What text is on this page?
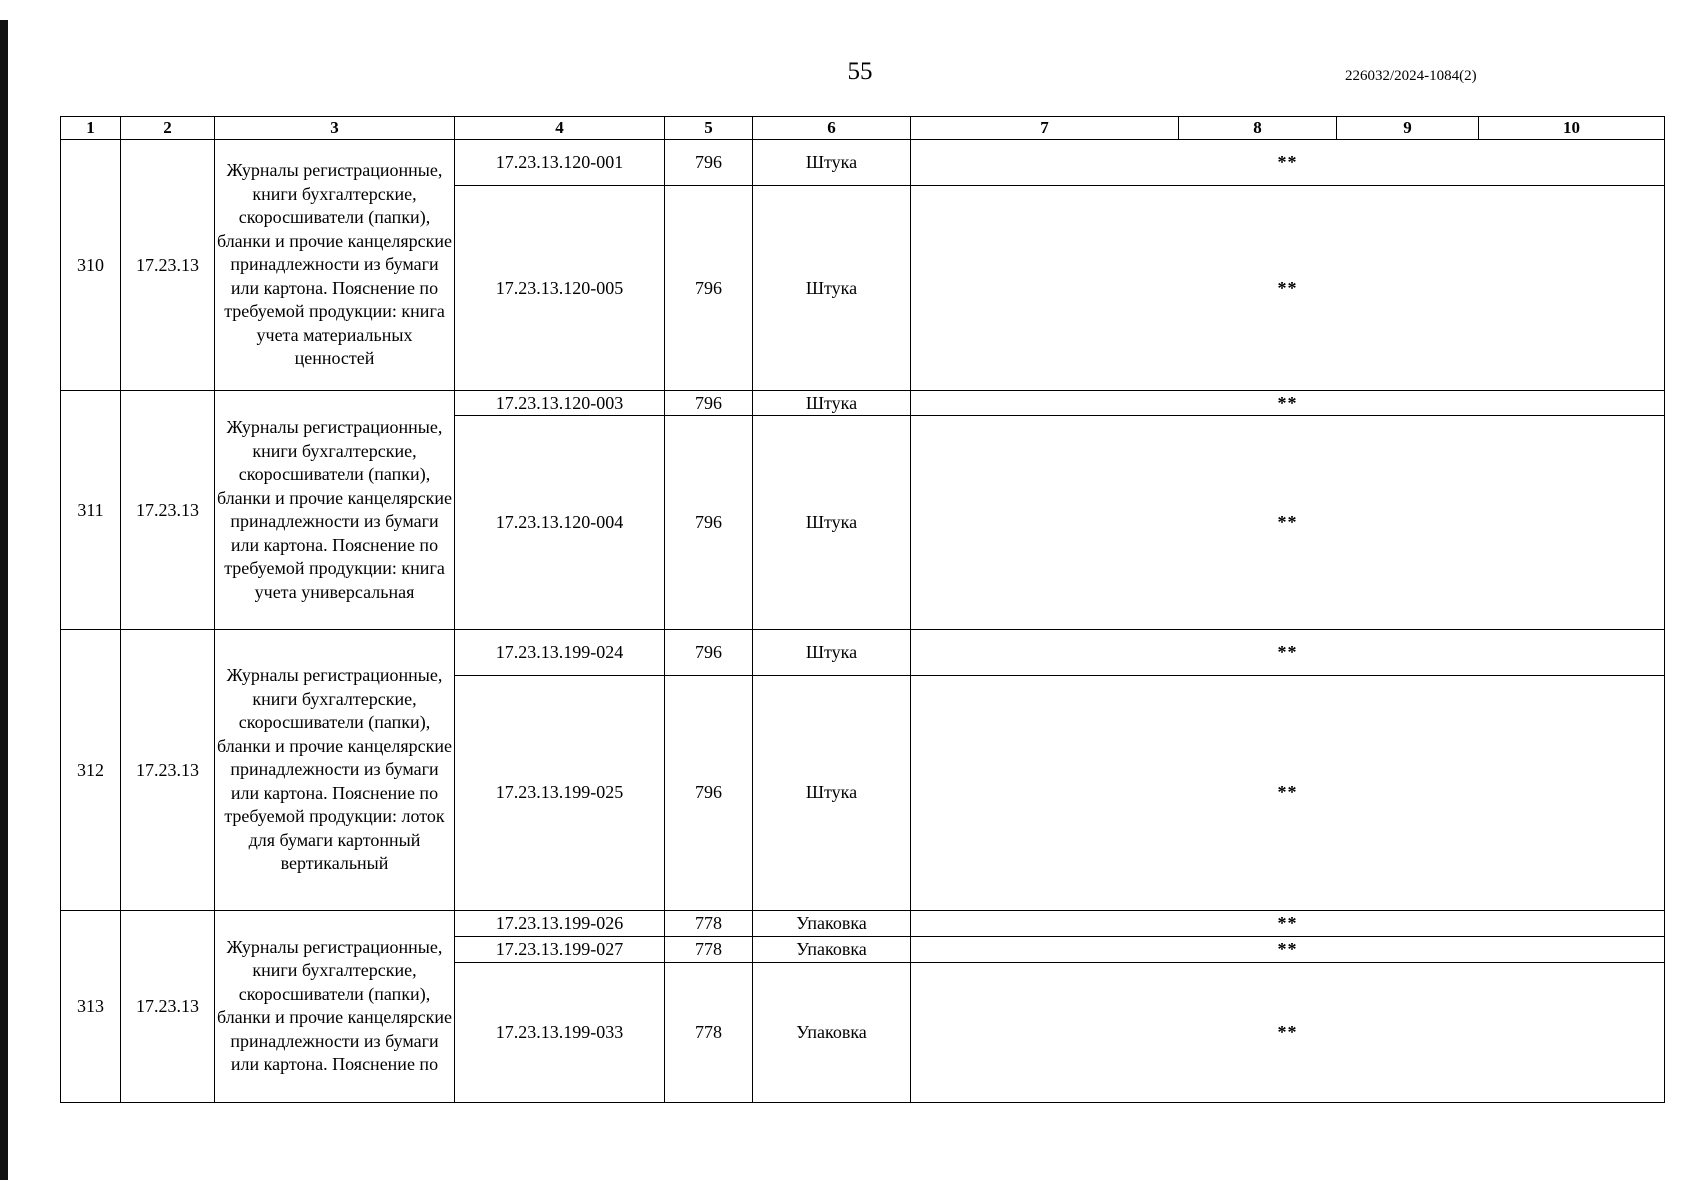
55	226032/2024-1084(2)
1	2	3	4	5	6	7	8	9	10
310	17.23.13	Журналы регистрационные, книги бухгалтерские, скоросшиватели (папки), бланки и прочие канцелярские принадлежности из бумаги или картона. Пояснение по требуемой продукции: книга учета материальных ценностей	17.23.13.120-001	796	Штука	**			
			17.23.13.120-005	796	Штука	**			
311	17.23.13	Журналы регистрационные, книги бухгалтерские, скоросшиватели (папки), бланки и прочие канцелярские принадлежности из бумаги или картона. Пояснение по требуемой продукции: книга учета универсальная	17.23.13.120-003	796	Штука	**			
			17.23.13.120-004	796	Штука	**			
312	17.23.13	Журналы регистрационные, книги бухгалтерские, скоросшиватели (папки), бланки и прочие канцелярские принадлежности из бумаги или картона. Пояснение по требуемой продукции: лоток для бумаги картонный вертикальный	17.23.13.199-024	796	Штука	**			
			17.23.13.199-025	796	Штука	**			
313	17.23.13	Журналы регистрационные, книги бухгалтерские, скоросшиватели (папки), бланки и прочие канцелярские принадлежности из бумаги или картона. Пояснение по	17.23.13.199-026	778	Упаковка	**			
			17.23.13.199-027	778	Упаковка	**			
			17.23.13.199-033	778	Упаковка	**			
